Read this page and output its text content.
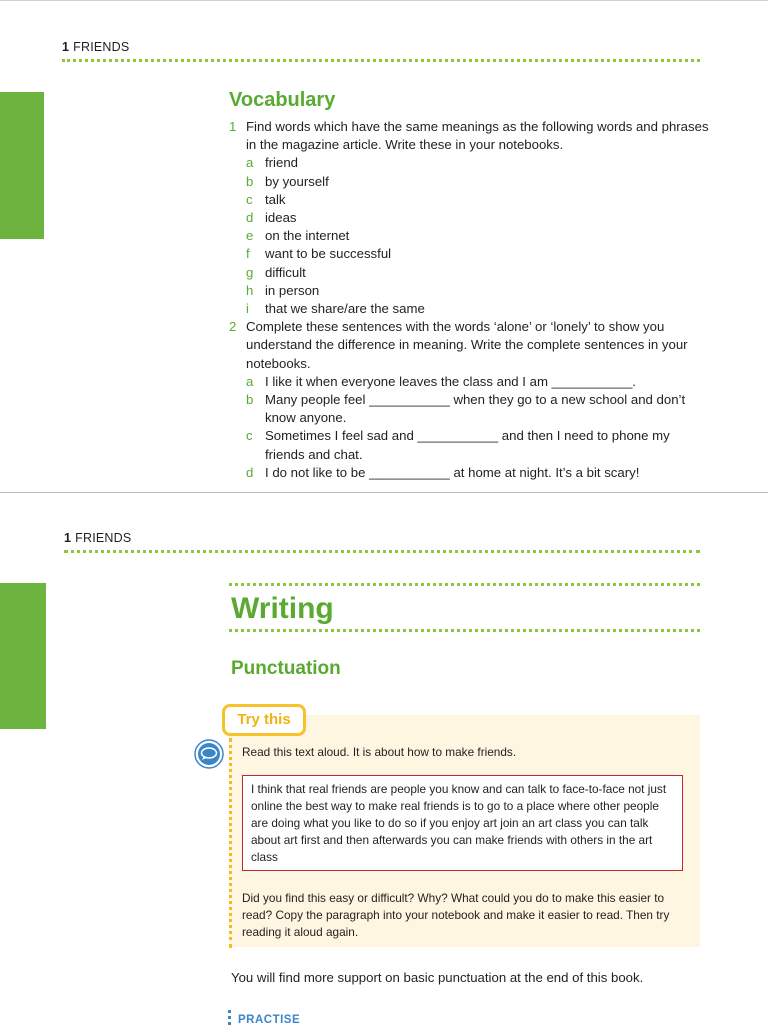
1 FRIENDS
Vocabulary
1 Find words which have the same meanings as the following words and phrases in the magazine article. Write these in your notebooks.
a friend
b by yourself
c talk
d ideas
e on the internet
f	want to be successful
g difficult
h in person
i	that we share/are the same
2 Complete these sentences with the words ‘alone’ or ‘lonely’ to show you understand the difference in meaning. Write the complete sentences in your notebooks.
a I like it when everyone leaves the class and I am ___________.
b Many people feel ___________ when they go to a new school and don’t know anyone.
c Sometimes I feel sad and ___________ and then I need to phone my friends and chat.
d I do not like to be ___________ at home at night. It’s a bit scary!
1 FRIENDS
Writing
Punctuation
Try this
Read this text aloud. It is about how to make friends.
I think that real friends are people you know and can talk to face-to-face not just online the best way to make real friends is to go to a place where other people are doing what you like to do so if you enjoy art join an art class you can talk about art first and then afterwards you can make friends with others in the art class
Did you find this easy or difficult? Why? What could you do to make this easier to read? Copy the paragraph into your notebook and make it easier to read. Then try reading it aloud again.
You will find more support on basic punctuation at the end of this book.
PRACTISE
